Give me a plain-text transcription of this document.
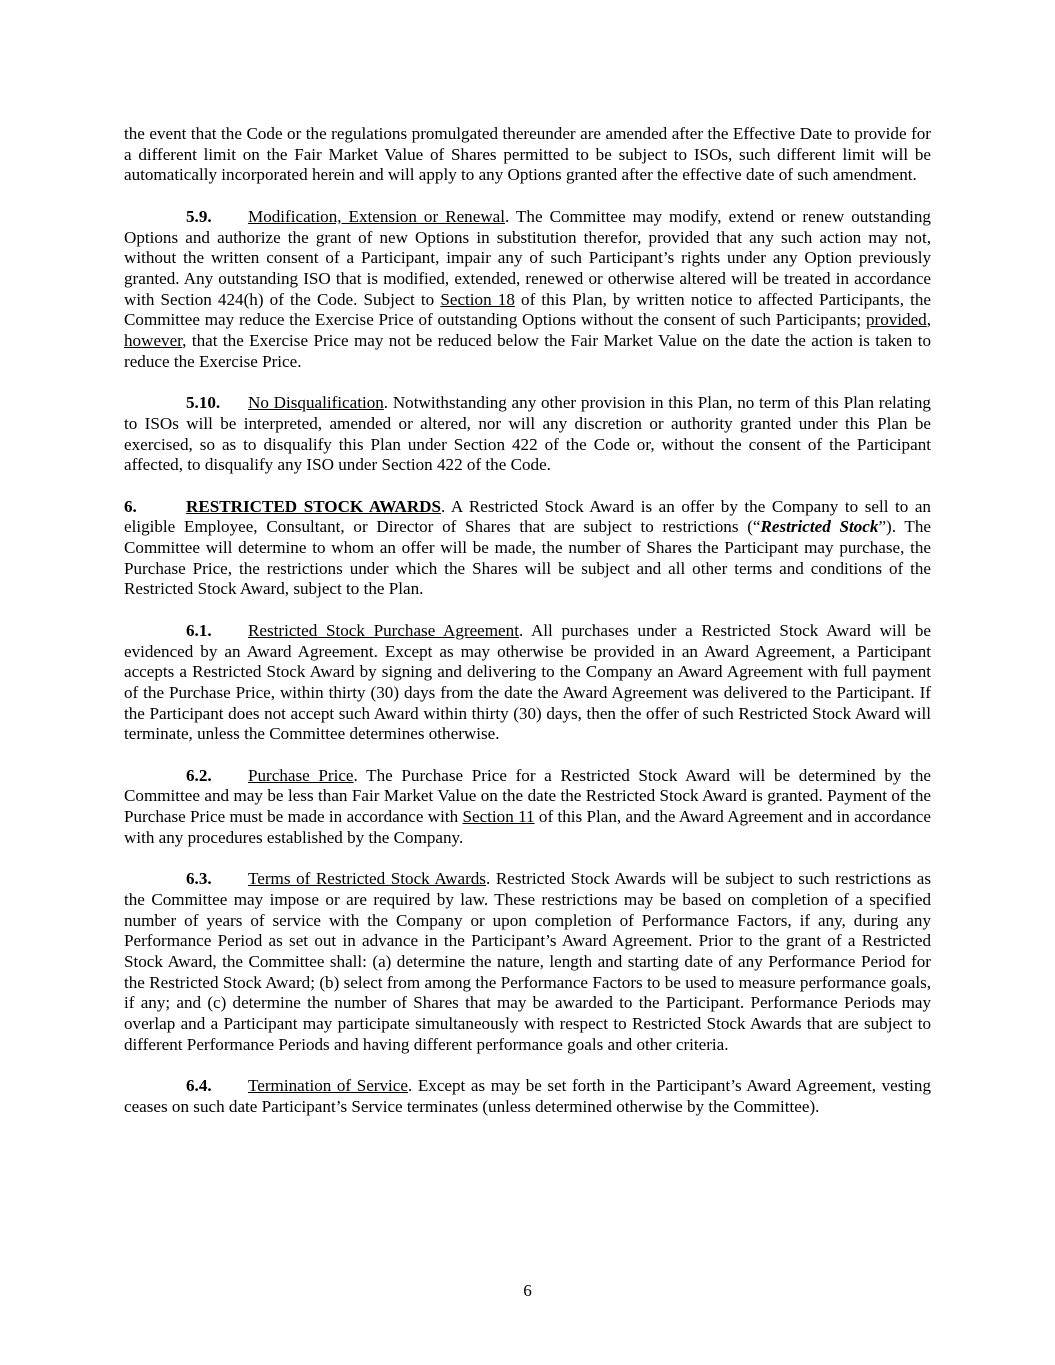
the event that the Code or the regulations promulgated thereunder are amended after the Effective Date to provide for a different limit on the Fair Market Value of Shares permitted to be subject to ISOs, such different limit will be automatically incorporated herein and will apply to any Options granted after the effective date of such amendment.

5.9. Modification, Extension or Renewal. The Committee may modify, extend or renew outstanding Options and authorize the grant of new Options in substitution therefor, provided that any such action may not, without the written consent of a Participant, impair any of such Participant’s rights under any Option previously granted. Any outstanding ISO that is modified, extended, renewed or otherwise altered will be treated in accordance with Section 424(h) of the Code. Subject to Section 18 of this Plan, by written notice to affected Participants, the Committee may reduce the Exercise Price of outstanding Options without the consent of such Participants; provided, however, that the Exercise Price may not be reduced below the Fair Market Value on the date the action is taken to reduce the Exercise Price.

5.10. No Disqualification. Notwithstanding any other provision in this Plan, no term of this Plan relating to ISOs will be interpreted, amended or altered, nor will any discretion or authority granted under this Plan be exercised, so as to disqualify this Plan under Section 422 of the Code or, without the consent of the Participant affected, to disqualify any ISO under Section 422 of the Code.

6.	RESTRICTED STOCK AWARDS. A Restricted Stock Award is an offer by the Company to sell to an eligible Employee, Consultant, or Director of Shares that are subject to restrictions (“Restricted Stock”). The Committee will determine to whom an offer will be made, the number of Shares the Participant may purchase, the Purchase Price, the restrictions under which the Shares will be subject and all other terms and conditions of the Restricted Stock Award, subject to the Plan.

6.1. Restricted Stock Purchase Agreement. All purchases under a Restricted Stock Award will be evidenced by an Award Agreement. Except as may otherwise be provided in an Award Agreement, a Participant accepts a Restricted Stock Award by signing and delivering to the Company an Award Agreement with full payment of the Purchase Price, within thirty (30) days from the date the Award Agreement was delivered to the Participant. If the Participant does not accept such Award within thirty (30) days, then the offer of such Restricted Stock Award will terminate, unless the Committee determines otherwise.

6.2. Purchase Price. The Purchase Price for a Restricted Stock Award will be determined by the Committee and may be less than Fair Market Value on the date the Restricted Stock Award is granted. Payment of the Purchase Price must be made in accordance with Section 11 of this Plan, and the Award Agreement and in accordance with any procedures established by the Company.

6.3. Terms of Restricted Stock Awards. Restricted Stock Awards will be subject to such restrictions as the Committee may impose or are required by law. These restrictions may be based on completion of a specified number of years of service with the Company or upon completion of Performance Factors, if any, during any Performance Period as set out in advance in the Participant’s Award Agreement. Prior to the grant of a Restricted Stock Award, the Committee shall: (a) determine the nature, length and starting date of any Performance Period for the Restricted Stock Award; (b) select from among the Performance Factors to be used to measure performance goals, if any; and (c) determine the number of Shares that may be awarded to the Participant. Performance Periods may overlap and a Participant may participate simultaneously with respect to Restricted Stock Awards that are subject to different Performance Periods and having different performance goals and other criteria.

6.4. Termination of Service. Except as may be set forth in the Participant’s Award Agreement, vesting ceases on such date Participant’s Service terminates (unless determined otherwise by the Committee).

6
